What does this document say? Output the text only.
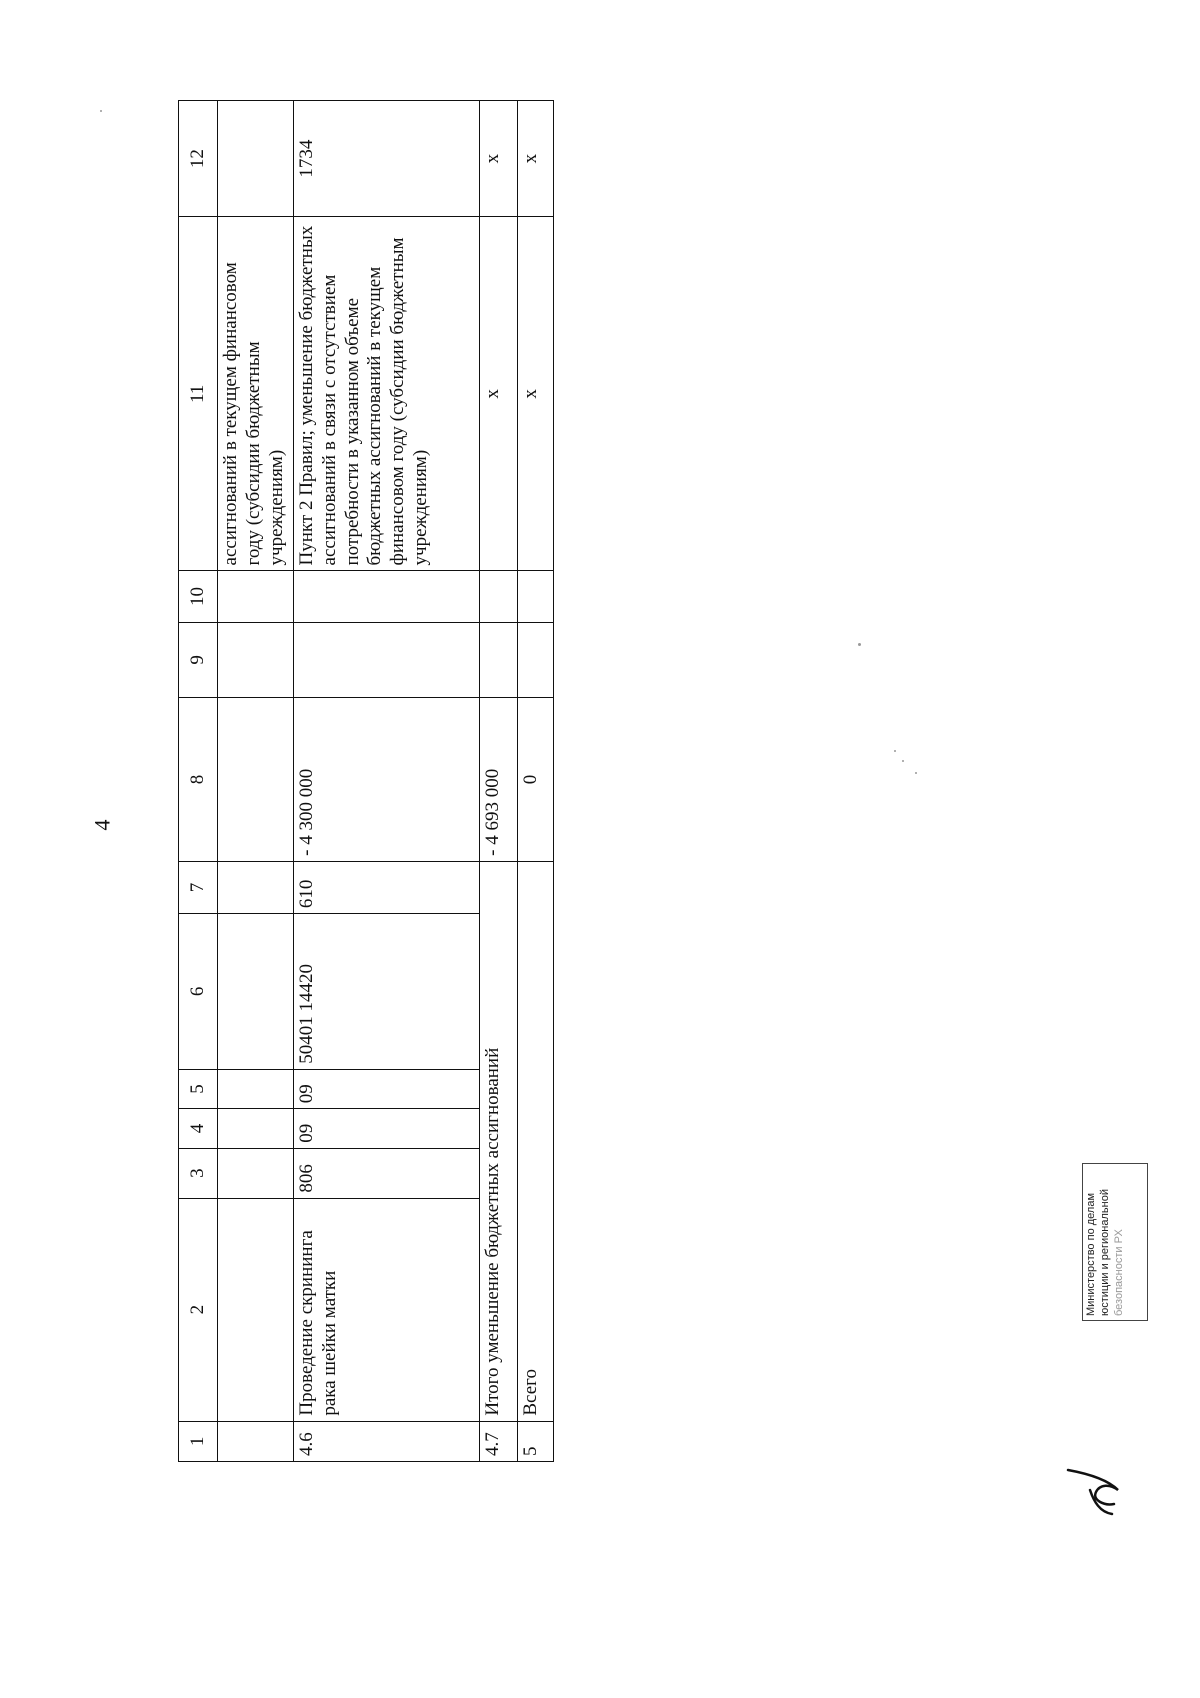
4
1	2	3	4	5	6	7	8	9	10	11	12
										ассигнований в текущем финансовом году (субсидии бюджетным учреждениям)	
4.6	Проведение скрининга рака шейки матки	806	09	09	50401 14420	610	- 4 300 000			Пункт 2 Правил; уменьшение бюджетных ассигнований в связи с отсутствием потребности в указанном объеме бюджетных ассигнований в текущем финансовом году (субсидии бюджетным учреждениям)	1734
4.7	Итого уменьшение бюджетных ассигнований						- 4 693 000			x	x
5	Всего						0			x	x
Министерство по делам юстиции и региональной безопасности РХ
